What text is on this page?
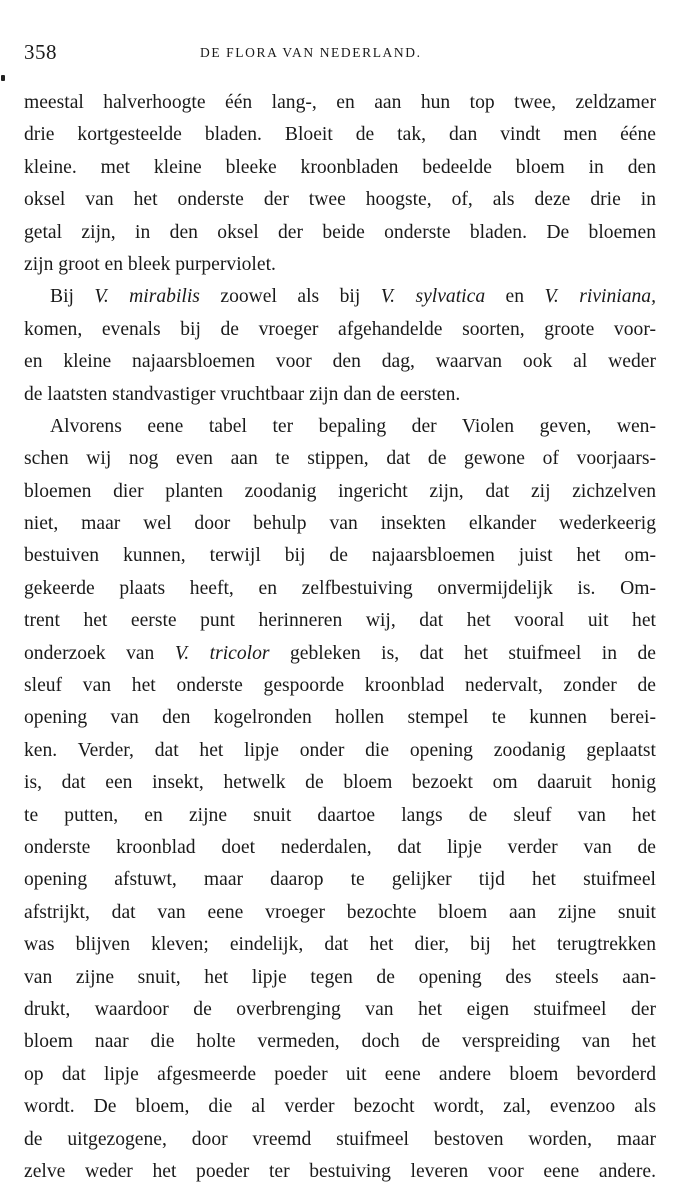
358	DE FLORA VAN NEDERLAND.
meestal halverhoogte één lang-, en aan hun top twee, zeldzamer
drie kortgesteelde bladen. Bloeit de tak, dan vindt men ééne
kleine. met kleine bleeke kroonbladen bedeelde bloem in den
oksel van het onderste der twee hoogste, of, als deze drie in
getal zijn, in den oksel der beide onderste bladen. De bloemen
zijn groot en bleek purperviolet.
Bij V. mirabilis zoowel als bij V. sylvatica en V. riviniana,
komen, evenals bij de vroeger afgehandelde soorten, groote voor-
en kleine najaarsbloemen voor den dag, waarvan ook al weder
de laatsten standvastiger vruchtbaar zijn dan de eersten.
Alvorens eene tabel ter bepaling der Violen geven, wen-
schen wij nog even aan te stippen, dat de gewone of voorjaars-
bloemen dier planten zoodanig ingericht zijn, dat zij zichzelven
niet, maar wel door behulp van insekten elkander wederkeerig
bestuiven kunnen, terwijl bij de najaarsbloemen juist het om-
gekeerde plaats heeft, en zelfbestuiving onvermijdelijk is. Om-
trent het eerste punt herinneren wij, dat het vooral uit het
onderzoek van V. tricolor gebleken is, dat het stuifmeel in de
sleuf van het onderste gespoorde kroonblad nedervalt, zonder de
opening van den kogelronden hollen stempel te kunnen berei-
ken. Verder, dat het lipje onder die opening zoodanig geplaatst
is, dat een insekt, hetwelk de bloem bezoekt om daaruit honig
te putten, en zijne snuit daartoe langs de sleuf van het
onderste kroonblad doet nederdalen, dat lipje verder van de
opening afstuwt, maar daarop te gelijker tijd het stuifmeel
afstrijkt, dat van eene vroeger bezochte bloem aan zijne snuit
was blijven kleven; eindelijk, dat het dier, bij het terugtrekken
van zijne snuit, het lipje tegen de opening des steels aan-
drukt, waardoor de overbrenging van het eigen stuifmeel der
bloem naar die holte vermeden, doch de verspreiding van het
op dat lipje afgesmeerde poeder uit eene andere bloem bevorderd
wordt. De bloem, die al verder bezocht wordt, zal, evenzoo als
de uitgezogene, door vreemd stuifmeel bestoven worden, maar
zelve weder het poeder ter bestuiving leveren voor eene andere.
